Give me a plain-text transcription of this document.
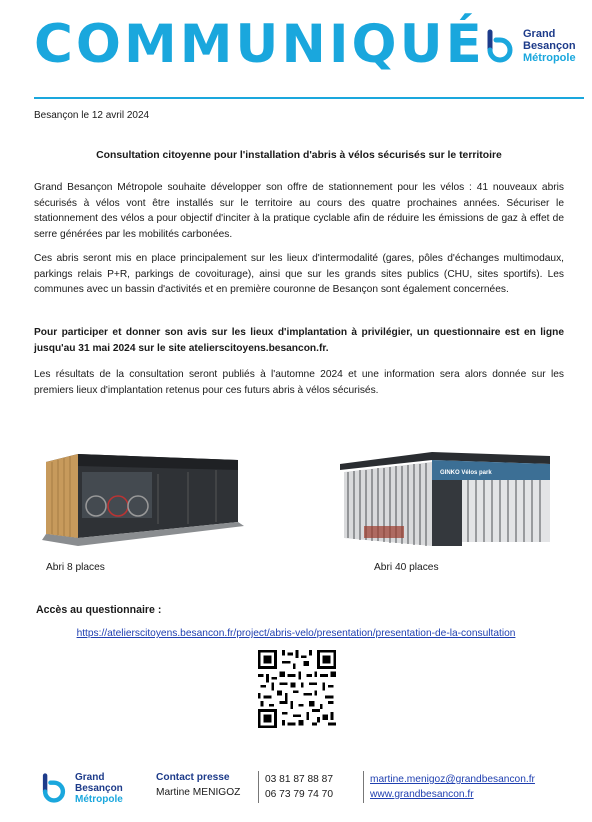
COMMUNIQUÉ	Grand
Besançon
Métropole
Besançon le 12 avril 2024
Consultation citoyenne pour l'installation d'abris à vélos sécurisés sur le territoire
Grand Besançon Métropole souhaite développer son offre de stationnement pour les vélos : 41 nouveaux abris sécurisés à vélos vont être installés sur le territoire au cours des quatre prochaines années. Sécuriser le stationnement des vélos a pour objectif d'inciter à la pratique cyclable afin de réduire les émissions de gaz à effet de serre générées par les mobilités carbonées.
Ces abris seront mis en place principalement sur les lieux d'intermodalité (gares, pôles d'échanges multimodaux, parkings relais P+R, parkings de covoiturage), ainsi que sur les grands sites publics (CHU, sites sportifs). Les communes avec un bassin d'activités et en première couronne de Besançon sont également concernées.
Pour participer et donner son avis sur les lieux d'implantation à privilégier, un questionnaire est en ligne jusqu'au 31 mai 2024 sur le site atelierscitoyens.besancon.fr.
Les résultats de la consultation seront publiés à l'automne 2024 et une information sera alors donnée sur les premiers lieux d'implantation retenus pour ces futurs abris à vélos sécurisés.
GINKO Vélos park
Abri 8 places	Abri 40 places
Accès au questionnaire :
https://atelierscitoyens.besancon.fr/project/abris-velo/presentation/presentation-de-la-consultation
Grand
Besançon
Métropole
Contact presse
Martine MENIGOZ
03 81 87 88 87
06 73 79 74 70
martine.menigoz@grandbesancon.fr
www.grandbesancon.fr
